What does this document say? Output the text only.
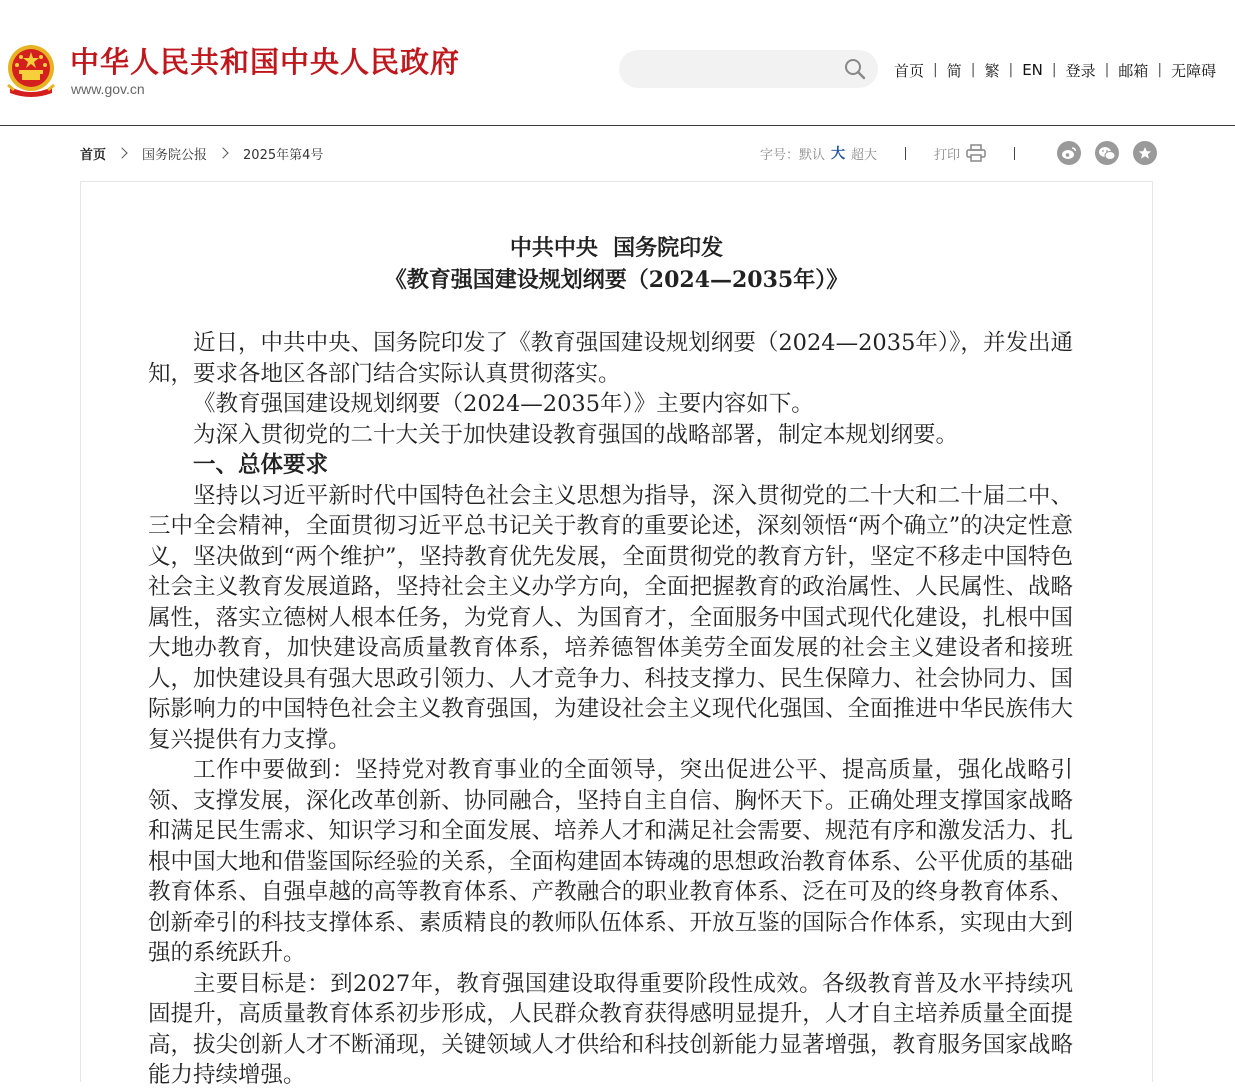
中华人民共和国中央人民政府
www.gov.cn
首页 | 简 | 繁 | EN | 登录 | 邮箱 | 无障碍
首页	国务院公报	2025年第4号	字号： 默认 大 超大	打印
中共中央  国务院印发
《教育强国建设规划纲要（2024—2035年）》

近日，中共中央、国务院印发了《教育强国建设规划纲要（2024—2035年）》，并发出通知，要求各地区各部门结合实际认真贯彻落实。

《教育强国建设规划纲要（2024—2035年）》主要内容如下。

为深入贯彻党的二十大关于加快建设教育强国的战略部署，制定本规划纲要。

一、总体要求

坚持以习近平新时代中国特色社会主义思想为指导，深入贯彻党的二十大和二十届二中、三中全会精神，全面贯彻习近平总书记关于教育的重要论述，深刻领悟“两个确立”的决定性意义，坚决做到“两个维护”，坚持教育优先发展，全面贯彻党的教育方针，坚定不移走中国特色社会主义教育发展道路，坚持社会主义办学方向，全面把握教育的政治属性、人民属性、战略属性，落实立德树人根本任务，为党育人、为国育才，全面服务中国式现代化建设，扎根中国大地办教育，加快建设高质量教育体系，培养德智体美劳全面发展的社会主义建设者和接班人，加快建设具有强大思政引领力、人才竞争力、科技支撑力、民生保障力、社会协同力、国际影响力的中国特色社会主义教育强国，为建设社会主义现代化强国、全面推进中华民族伟大复兴提供有力支撑。

工作中要做到：坚持党对教育事业的全面领导，突出促进公平、提高质量，强化战略引领、支撑发展，深化改革创新、协同融合，坚持自主自信、胸怀天下。正确处理支撑国家战略和满足民生需求、知识学习和全面发展、培养人才和满足社会需要、规范有序和激发活力、扎根中国大地和借鉴国际经验的关系，全面构建固本铸魂的思想政治教育体系、公平优质的基础教育体系、自强卓越的高等教育体系、产教融合的职业教育体系、泛在可及的终身教育体系、创新牵引的科技支撑体系、素质精良的教师队伍体系、开放互鉴的国际合作体系，实现由大到强的系统跃升。

主要目标是：到2027年，教育强国建设取得重要阶段性成效。各级教育普及水平持续巩固提升，高质量教育体系初步形成，人民群众教育获得感明显提升，人才自主培养质量全面提高，拔尖创新人才不断涌现，关键领域人才供给和科技创新能力显著增强，教育服务国家战略能力持续增强。
